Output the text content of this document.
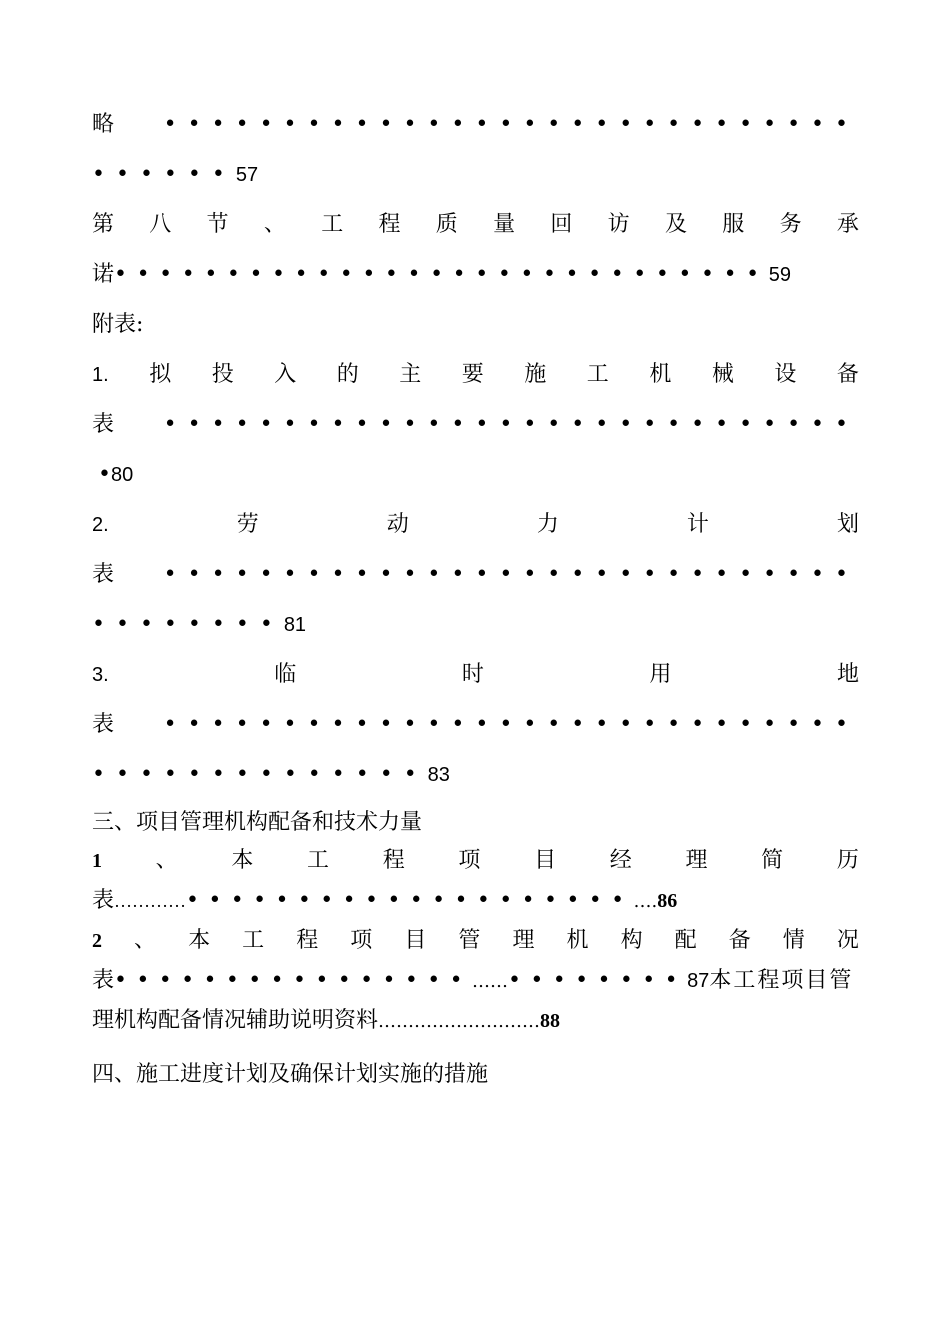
略 •••••••••••••••••••••••••••••
••••••57
第 八 节 、 工 程 质 量 回 访 及 服 务 承
诺•••••••••••••••••••••••••••••59
附表:
1. 拟 投 入 的 主 要 施 工 机 械 设 备
表 •••••••••••••••••••••••••••••
•80
2.	劳	动	力	计	划
表 •••••••••••••••••••••••••••••
••••••••81
3.	临	时	用	地
表 •••••••••••••••••••••••••••••
••••••••••••••83
三、项目管理机构配备和技术力量
1 、 本 工 程 项 目 经 理 简 历
表…………••••••••••••••••••••….86
2 、 本 工 程 项 目 管 理 机 构 配 备 情 况
表••••••••••••••••……••••••••87本工程项目管
理机构配备情况辅助说明资料………………………88
四、施工进度计划及确保计划实施的措施
